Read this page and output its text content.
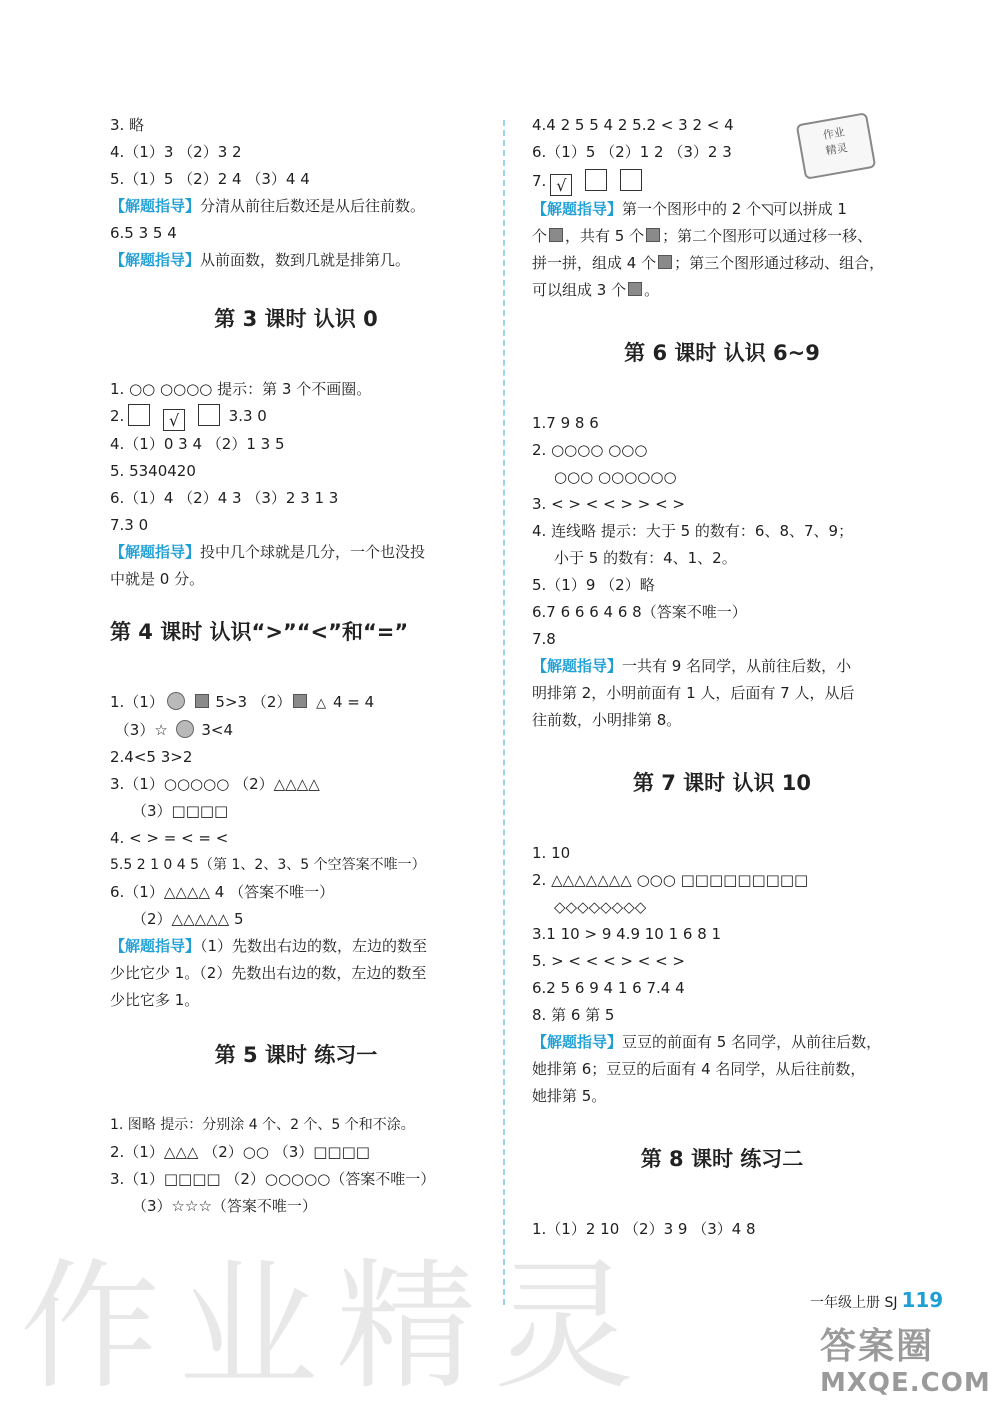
作业精灵
作业
精灵
3. 略
4.（1）3 （2）3 2
5.（1）5 （2）2 4 （3）4 4
【解题指导】分清从前往后数还是从后往前数。
6.5 3 5 4
【解题指导】从前面数，数到几就是排第几。
第 3 课时 认识 0
1. ○○ ○○○○ 提示：第 3 个不画圈。
2.	√	3.3 0
4.（1）0 3 4 （2）1 3 5
5. 5340420
6.（1）4 （2）4 3 （3）2 3 1 3
7.3 0
【解题指导】投中几个球就是几分，一个也没投
中就是 0 分。
第 4 课时 认识“>”“<”和“=”
1.（1）	5>3 （2） △ 4 = 4
（3）☆ 3<4
2.4<5 3>2
3.（1）○○○○○ （2）△△△△
（3）□□□□
4. < > = < = <
5.5 2 1 0 4 5（第 1、2、3、5 个空答案不唯一）
6.（1）△△△△ 4 （答案不唯一）
（2）△△△△△ 5
【解题指导】（1）先数出右边的数，左边的数至
少比它少 1。（2）先数出右边的数，左边的数至
少比它多 1。
第 5 课时 练习一
1. 图略 提示：分别涂 4 个、2 个、5 个和不涂。
2.（1）△△△ （2）○○ （3）□□□□
3.（1）□□□□ （2）○○○○○（答案不唯一）
（3）☆☆☆（答案不唯一）
4.4 2 5 5 4 2 5.2 < 3 2 < 4
6.（1）5 （2）1 2 （3）2 3
7. √
【解题指导】第一个图形中的 2 个◹可以拼成 1
个 ，共有 5 个 ；第二个图形可以通过移一移、
拼一拼，组成 4 个 ；第三个图形通过移动、组合，
可以组成 3 个 。
第 6 课时 认识 6~9
1.7 9 8 6
2. ○○○○ ○○○
○○○ ○○○○○○
3. < > < < > > < >
4. 连线略 提示：大于 5 的数有：6、8、7、9；
小于 5 的数有：4、1、2。
5.（1）9 （2）略
6.7 6 6 6 4 6 8（答案不唯一）
7.8
【解题指导】一共有 9 名同学，从前往后数，小
明排第 2，小明前面有 1 人，后面有 7 人，从后
往前数，小明排第 8。
第 7 课时 认识 10
1. 10
2. △△△△△△△ ○○○ □□□□□□□□□
◇◇◇◇◇◇◇◇
3.1 10 > 9 4.9 10 1 6 8 1
5. > < < < > < < >
6.2 5 6 9 4 1 6 7.4 4
8. 第 6 第 5
【解题指导】豆豆的前面有 5 名同学，从前往后数，
她排第 6；豆豆的后面有 4 名同学，从后往前数，
她排第 5。
第 8 课时 练习二
1.（1）2 10 （2）3 9 （3）4 8
一年级上册 SJ 119
答案圈
MXQE.COM
